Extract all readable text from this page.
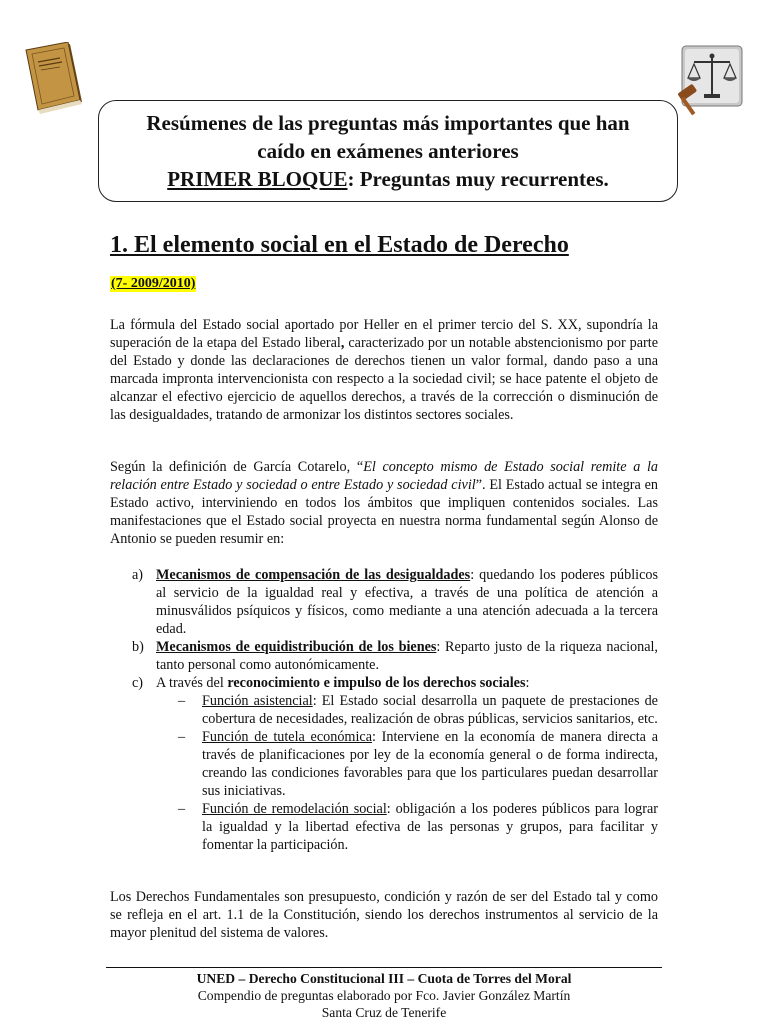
Resúmenes de las preguntas más importantes que han
caído en exámenes anteriores
PRIMER BLOQUE: Preguntas muy recurrentes.
1. El elemento social en el Estado de Derecho
(7- 2009/2010)

La fórmula del Estado social aportado por Heller en el primer tercio del S. XX, supondría la superación de la etapa del Estado liberal, caracterizado por un notable abstencionismo por parte del Estado y donde las declaraciones de derechos tienen un valor formal, dando paso a una marcada impronta intervencionista con respecto a la sociedad civil; se hace patente el objeto de alcanzar el efectivo ejercicio de aquellos derechos, a través de la corrección o disminución de las desigualdades, tratando de armonizar los distintos sectores sociales.

Según la definición de García Cotarelo, “El concepto mismo de Estado social remite a la relación entre Estado y sociedad o entre Estado y sociedad civil”. El Estado actual se integra en Estado activo, interviniendo en todos los ámbitos que impliquen contenidos sociales. Las manifestaciones que el Estado social proyecta en nuestra norma fundamental según Alonso de Antonio se pueden resumir en:

a) Mecanismos de compensación de las desigualdades: quedando los poderes públicos al servicio de la igualdad real y efectiva, a través de una política de atención a minusválidos psíquicos y físicos, como mediante a una atención adecuada a la tercera edad.
b) Mecanismos de equidistribución de los bienes: Reparto justo de la riqueza nacional, tanto personal como autonómicamente.
c) A través del reconocimiento e impulso de los derechos sociales:
– Función asistencial: El Estado social desarrolla un paquete de prestaciones de cobertura de necesidades, realización de obras públicas, servicios sanitarios, etc.
– Función de tutela económica: Interviene en la economía de manera directa a través de planificaciones por ley de la economía general o de forma indirecta, creando las condiciones favorables para que los particulares puedan desarrollar sus iniciativas.
– Función de remodelación social: obligación a los poderes públicos para lograr la igualdad y la libertad efectiva de las personas y grupos, para facilitar y fomentar la participación.

Los Derechos Fundamentales son presupuesto, condición y razón de ser del Estado tal y como se refleja en el art. 1.1 de la Constitución, siendo los derechos instrumentos al servicio de la mayor plenitud del sistema de valores.

UNED – Derecho Constitucional III – Cuota de Torres del Moral
Compendio de preguntas elaborado por Fco. Javier González Martín
Santa Cruz de Tenerife
